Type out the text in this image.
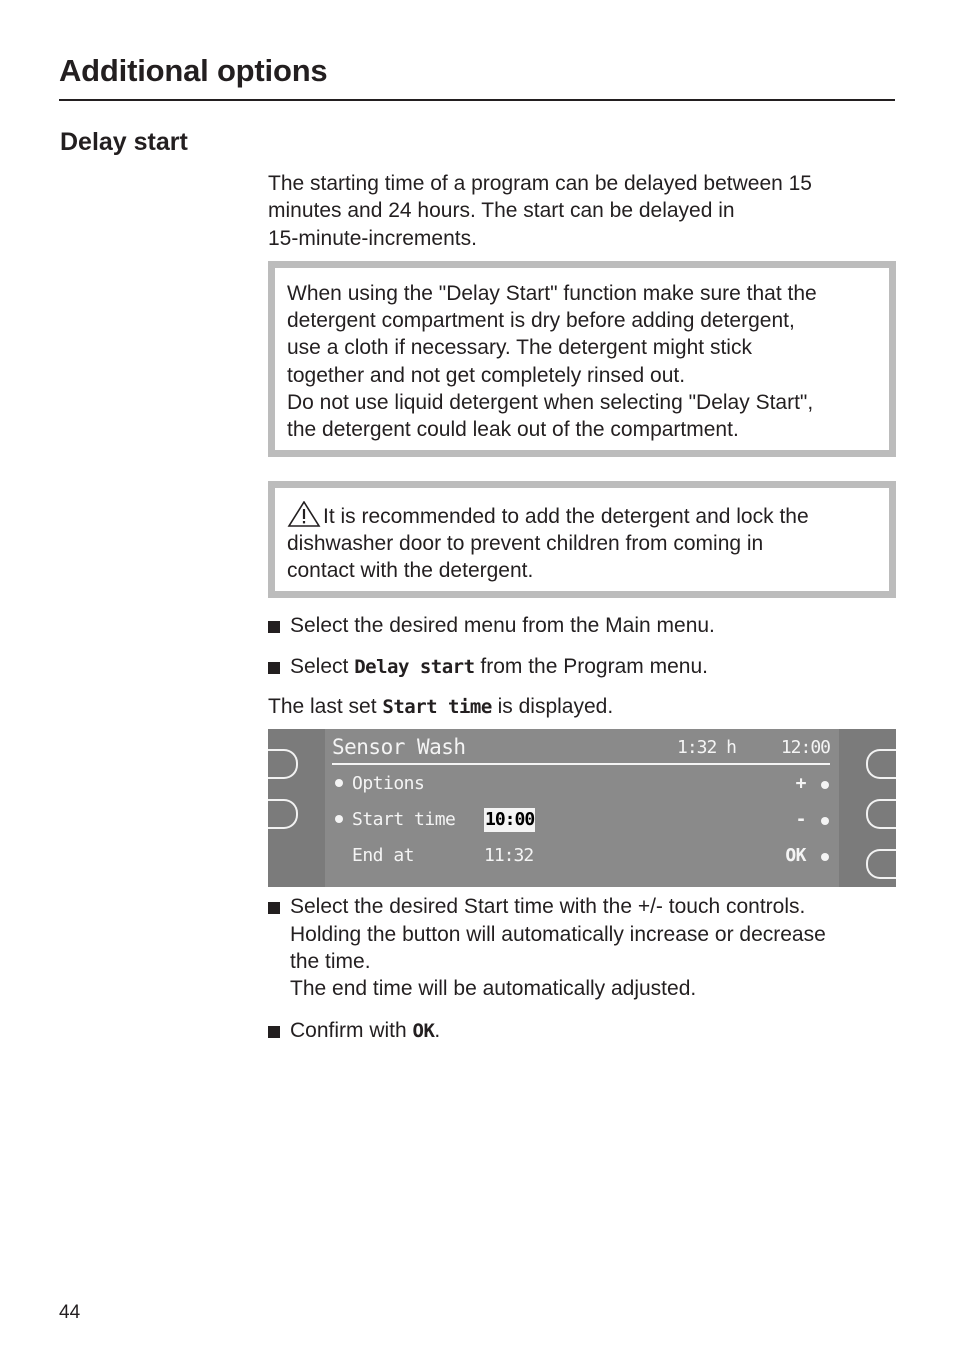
Additional options
Delay start
The starting time of a program can be delayed between 15
minutes and 24 hours. The start can be delayed in
15-minute-increments.
When using the "Delay Start" function make sure that the
detergent compartment is dry before adding detergent,
use a cloth if necessary. The detergent might stick
together and not get completely rinsed out.
Do not use liquid detergent when selecting "Delay Start",
the detergent could leak out of the compartment.
It is recommended to add the detergent and lock the
dishwasher door to prevent children from coming in
contact with the detergent.
Select the desired menu from the Main menu.
Select Delay start from the Program menu.
The last set Start time is displayed.
Sensor Wash	1:32 h 12:00
Options	+
Start time 10:00	-
End at	11:32	OK
Select the desired Start time with the +/- touch controls.
Holding the button will automatically increase or decrease
the time.
The end time will be automatically adjusted.
Confirm with OK.
44
